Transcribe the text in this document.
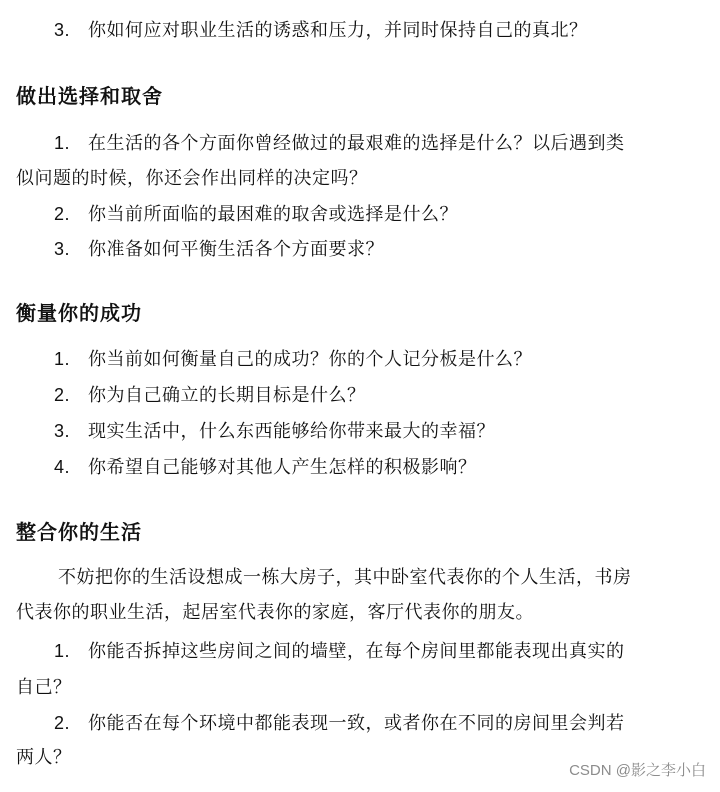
3. 你如何应对职业生活的诱惑和压力，并同时保持自己的真北？
做出选择和取舍
1. 在生活的各个方面你曾经做过的最艰难的选择是什么？以后遇到类
似问题的时候，你还会作出同样的决定吗？
2. 你当前所面临的最困难的取舍或选择是什么？
3. 你准备如何平衡生活各个方面要求？
衡量你的成功
1. 你当前如何衡量自己的成功？你的个人记分板是什么？
2. 你为自己确立的长期目标是什么？
3. 现实生活中，什么东西能够给你带来最大的幸福？
4. 你希望自己能够对其他人产生怎样的积极影响？
整合你的生活
不妨把你的生活设想成一栋大房子，其中卧室代表你的个人生活，书房
代表你的职业生活，起居室代表你的家庭，客厅代表你的朋友。
1. 你能否拆掉这些房间之间的墙壁，在每个房间里都能表现出真实的
自己？
2. 你能否在每个环境中都能表现一致，或者你在不同的房间里会判若
两人？
CSDN @影之李小白
